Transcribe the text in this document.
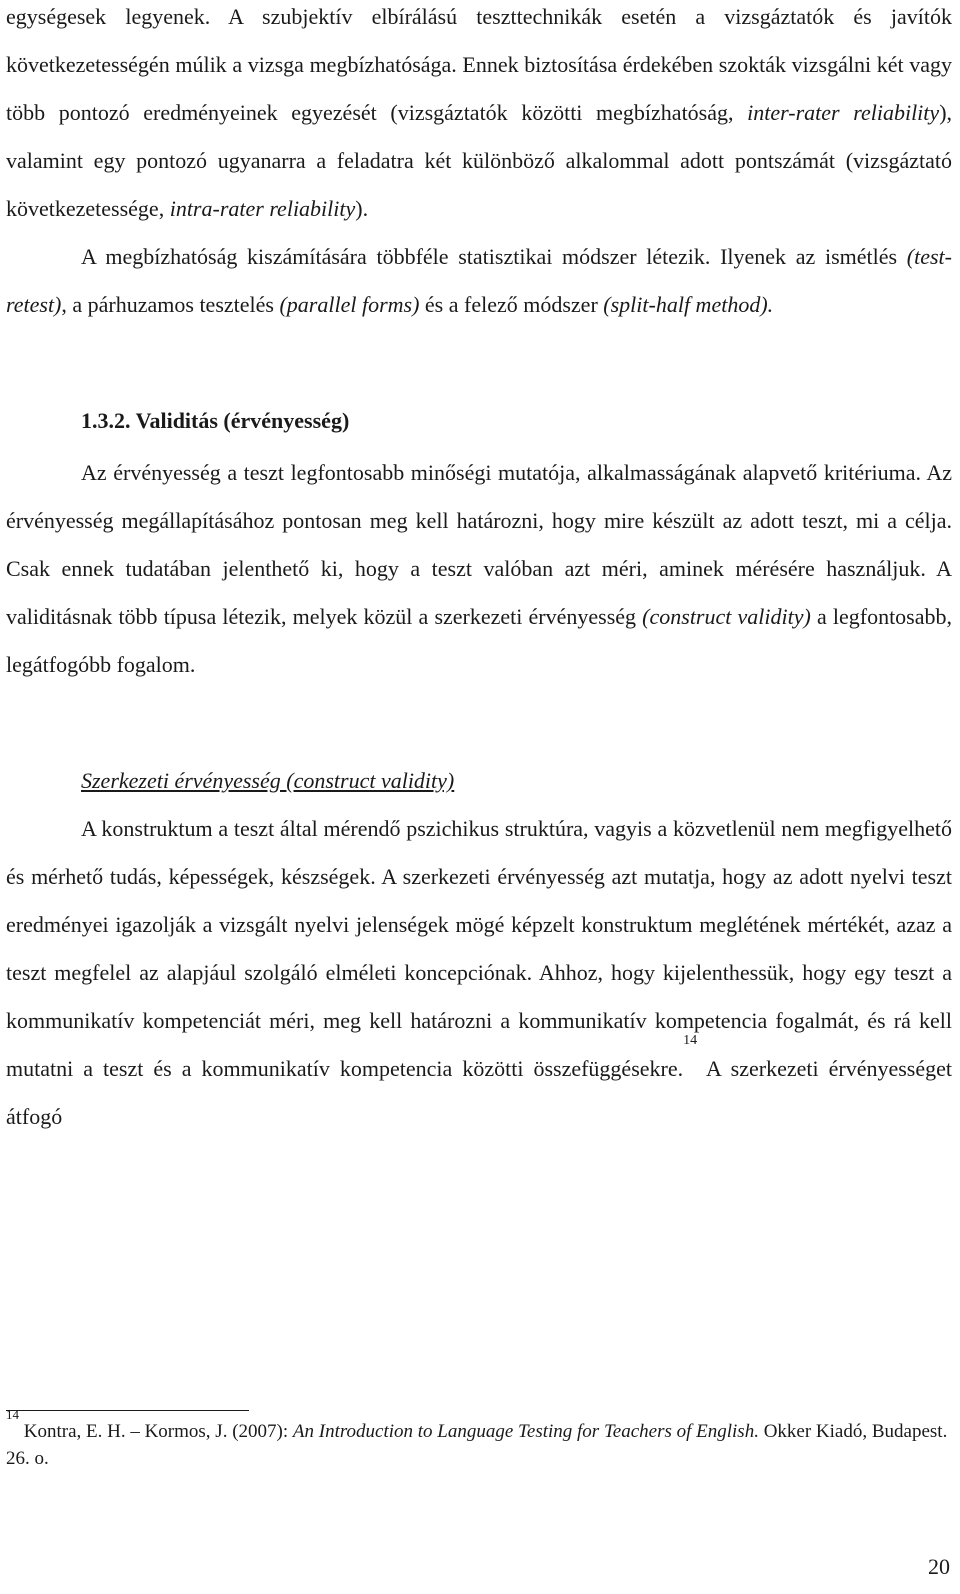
egységesek legyenek. A szubjektív elbírálású teszttechnikák esetén a vizsgáztatók és javítók következetességén múlik a vizsga megbízhatósága. Ennek biztosítása érdekében szokták vizsgálni két vagy több pontozó eredményeinek egyezését (vizsgáztatók közötti megbízhatóság, inter-rater reliability), valamint egy pontozó ugyanarra a feladatra két különböző alkalommal adott pontszámát (vizsgáztató következetessége, intra-rater reliability).

A megbízhatóság kiszámítására többféle statisztikai módszer létezik. Ilyenek az ismétlés (test-retest), a párhuzamos tesztelés (parallel forms) és a felező módszer (split-half method).

1.3.2. Validitás (érvényesség)

Az érvényesség a teszt legfontosabb minőségi mutatója, alkalmasságának alapvető kritériuma. Az érvényesség megállapításához pontosan meg kell határozni, hogy mire készült az adott teszt, mi a célja. Csak ennek tudatában jelenthető ki, hogy a teszt valóban azt méri, aminek mérésére használjuk. A validitásnak több típusa létezik, melyek közül a szerkezeti érvényesség (construct validity) a legfontosabb, legátfogóbb fogalom.

Szerkezeti érvényesség (construct validity)

A konstruktum a teszt által mérendő pszichikus struktúra, vagyis a közvetlenül nem megfigyelhető és mérhető tudás, képességek, készségek. A szerkezeti érvényesség azt mutatja, hogy az adott nyelvi teszt eredményei igazolják a vizsgált nyelvi jelenségek mögé képzelt konstruktum meglétének mértékét, azaz a teszt megfelel az alapjául szolgáló elméleti koncepciónak. Ahhoz, hogy kijelenthessük, hogy egy teszt a kommunikatív kompetenciát méri, meg kell határozni a kommunikatív kompetencia fogalmát, és rá kell mutatni a teszt és a kommunikatív kompetencia közötti összefüggésekre.$^{14}$ A szerkezeti érvényességet átfogó

$^{14}$ Kontra, E. H. – Kormos, J. (2007): An Introduction to Language Testing for Teachers of English. Okker Kiadó, Budapest. 26. o.
20
